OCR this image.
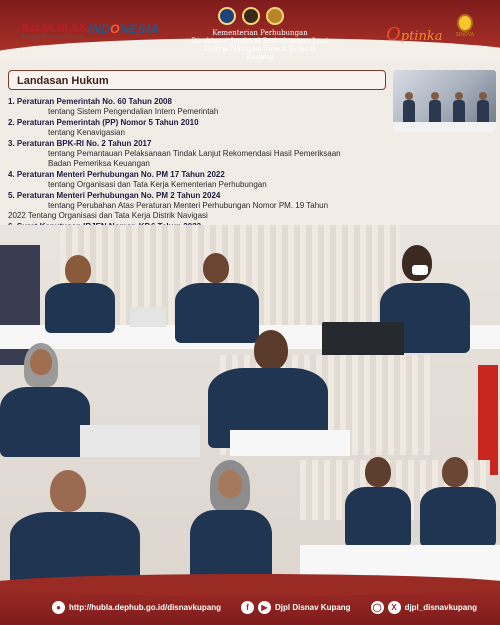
BerAKHLAK
Bangga Melayani Bangsa
INDONESIA	Kementerian Perhubungan
Direktorat Jenderal Perhubungan Laut
Distrik Navigasi Tipe A Kelas II Kupang
Optinka	SINOVA
Landasan Hukum
1. Peraturan Pemerintah No. 60 Tahun 2008
tentang Sistem Pengendalian Intern Pemerintah
2. Peraturan Pemerintah (PP) Nomor 5 Tahun 2010
tentang Kenavigasian
3. Peraturan BPK-RI No. 2 Tahun 2017
tentang Pemantauan Pelaksanaan Tindak Lanjut Rekomendasi Hasil Pemeriksaan
Badan Pemeriksa Keuangan
4. Peraturan Menteri Perhubungan No. PM 17 Tahun 2022
tentang Organisasi dan Tata Kerja Kementerian Perhubungan
5. Peraturan Menteri Perhubungan No. PM 2 Tahun 2024
tentang Perubahan Atas Peraturan Menteri Perhubungan Nomor PM. 19 Tahun
2022 Tentang Organisasi dan Tata Kerja Distrik Navigasi
●	http://hubla.dephub.go.id/disnavkupang	f	▶ Djpl Disnav Kupang	◯	X djpl_disnavkupang
